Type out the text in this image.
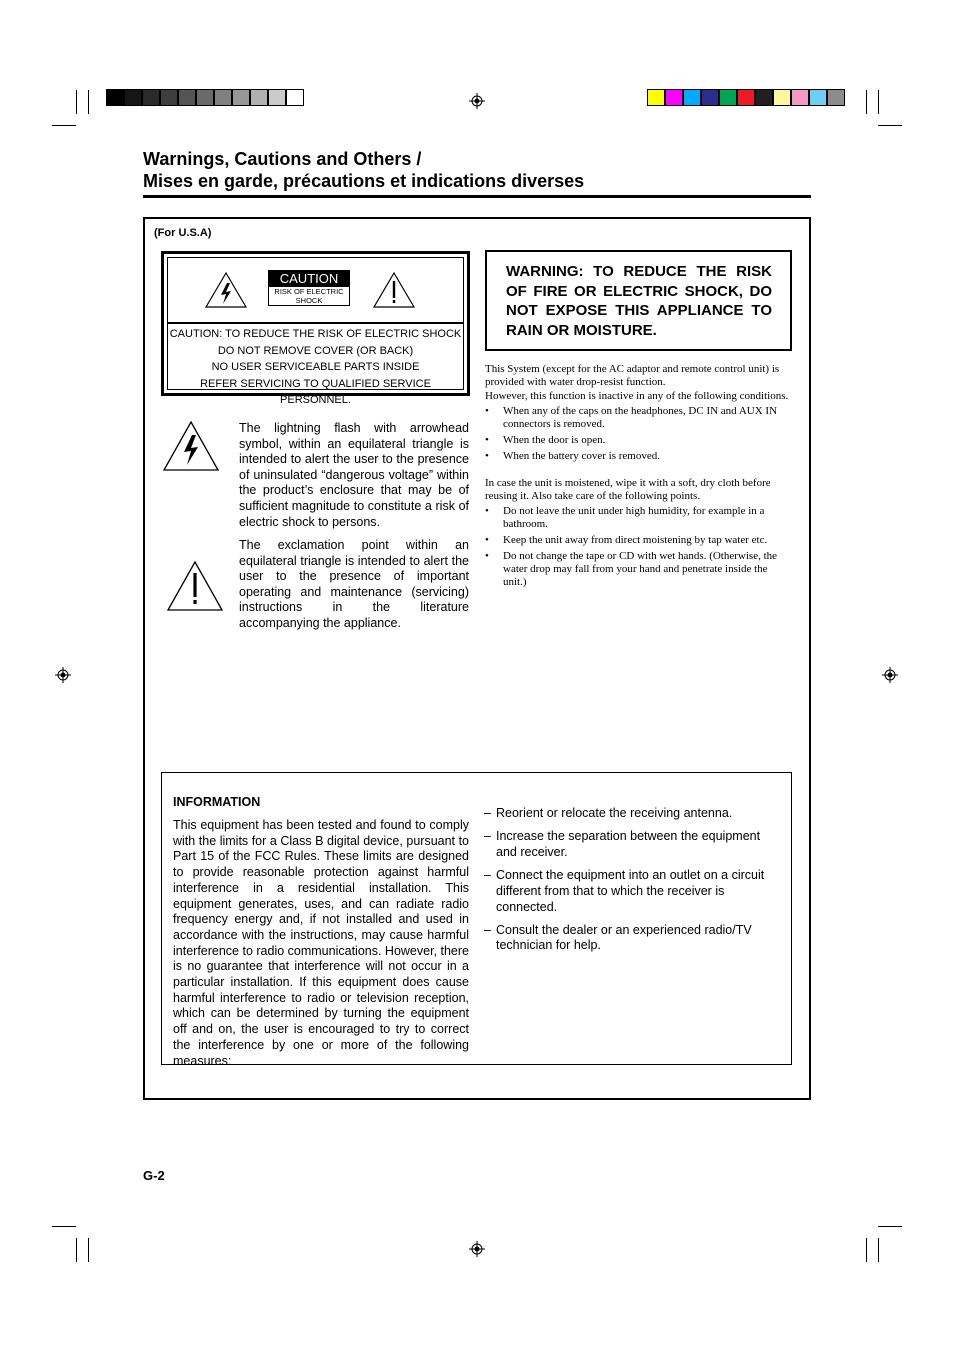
Warnings, Cautions and Others /
Mises en garde, précautions et indications diverses
(For U.S.A)
CAUTION
RISK OF ELECTRIC
SHOCK
CAUTION: TO REDUCE THE RISK OF ELECTRIC SHOCK
DO NOT REMOVE COVER (OR BACK)
NO USER SERVICEABLE PARTS INSIDE
REFER SERVICING TO QUALIFIED SERVICE PERSONNEL.
WARNING: TO REDUCE THE RISK OF FIRE OR ELECTRIC SHOCK, DO NOT EXPOSE THIS APPLIANCE TO RAIN OR MOISTURE.

This System (except for the AC adaptor and remote control unit) is provided with water drop-resist function.

However, this function is inactive in any of the following conditions.

• When any of the caps on the headphones, DC IN and AUX IN connectors is removed.
• When the door is open.
• When the battery cover is removed.

In case the unit is moistened, wipe it with a soft, dry cloth before reusing it. Also take care of the following points.

• Do not leave the unit under high humidity, for example in a bathroom.
• Keep the unit away from direct moistening by tap water etc.
• Do not change the tape or CD with wet hands. (Otherwise, the water drop may fall from your hand and penetrate inside the unit.)
The lightning flash with arrowhead symbol, within an equilateral triangle is intended to alert the user to the presence of uninsulated “dangerous voltage” within the product’s enclosure that may be of sufficient magnitude to constitute a risk of electric shock to persons.
The exclamation point within an equilateral triangle is intended to alert the user to the presence of important operating and maintenance (servicing) instructions in the literature accompanying the appliance.
INFORMATION
This equipment has been tested and found to comply with the limits for a Class B digital device, pursuant to Part 15 of the FCC Rules. These limits are designed to provide reasonable protection against harmful interference in a residential installation. This equipment generates, uses, and can radiate radio frequency energy and, if not installed and used in accordance with the instructions, may cause harmful interference to radio communications. However, there is no guarantee that interference will not occur in a particular installation. If this equipment does cause harmful interference to radio or television reception, which can be determined by turning the equipment off and on, the user is encouraged to try to correct the interference by one or more of the following measures:
– Reorient or relocate the receiving antenna.
– Increase the separation between the equipment and receiver.
– Connect the equipment into an outlet on a circuit different from that to which the receiver is connected.
– Consult the dealer or an experienced radio/TV technician for help.
G-2
